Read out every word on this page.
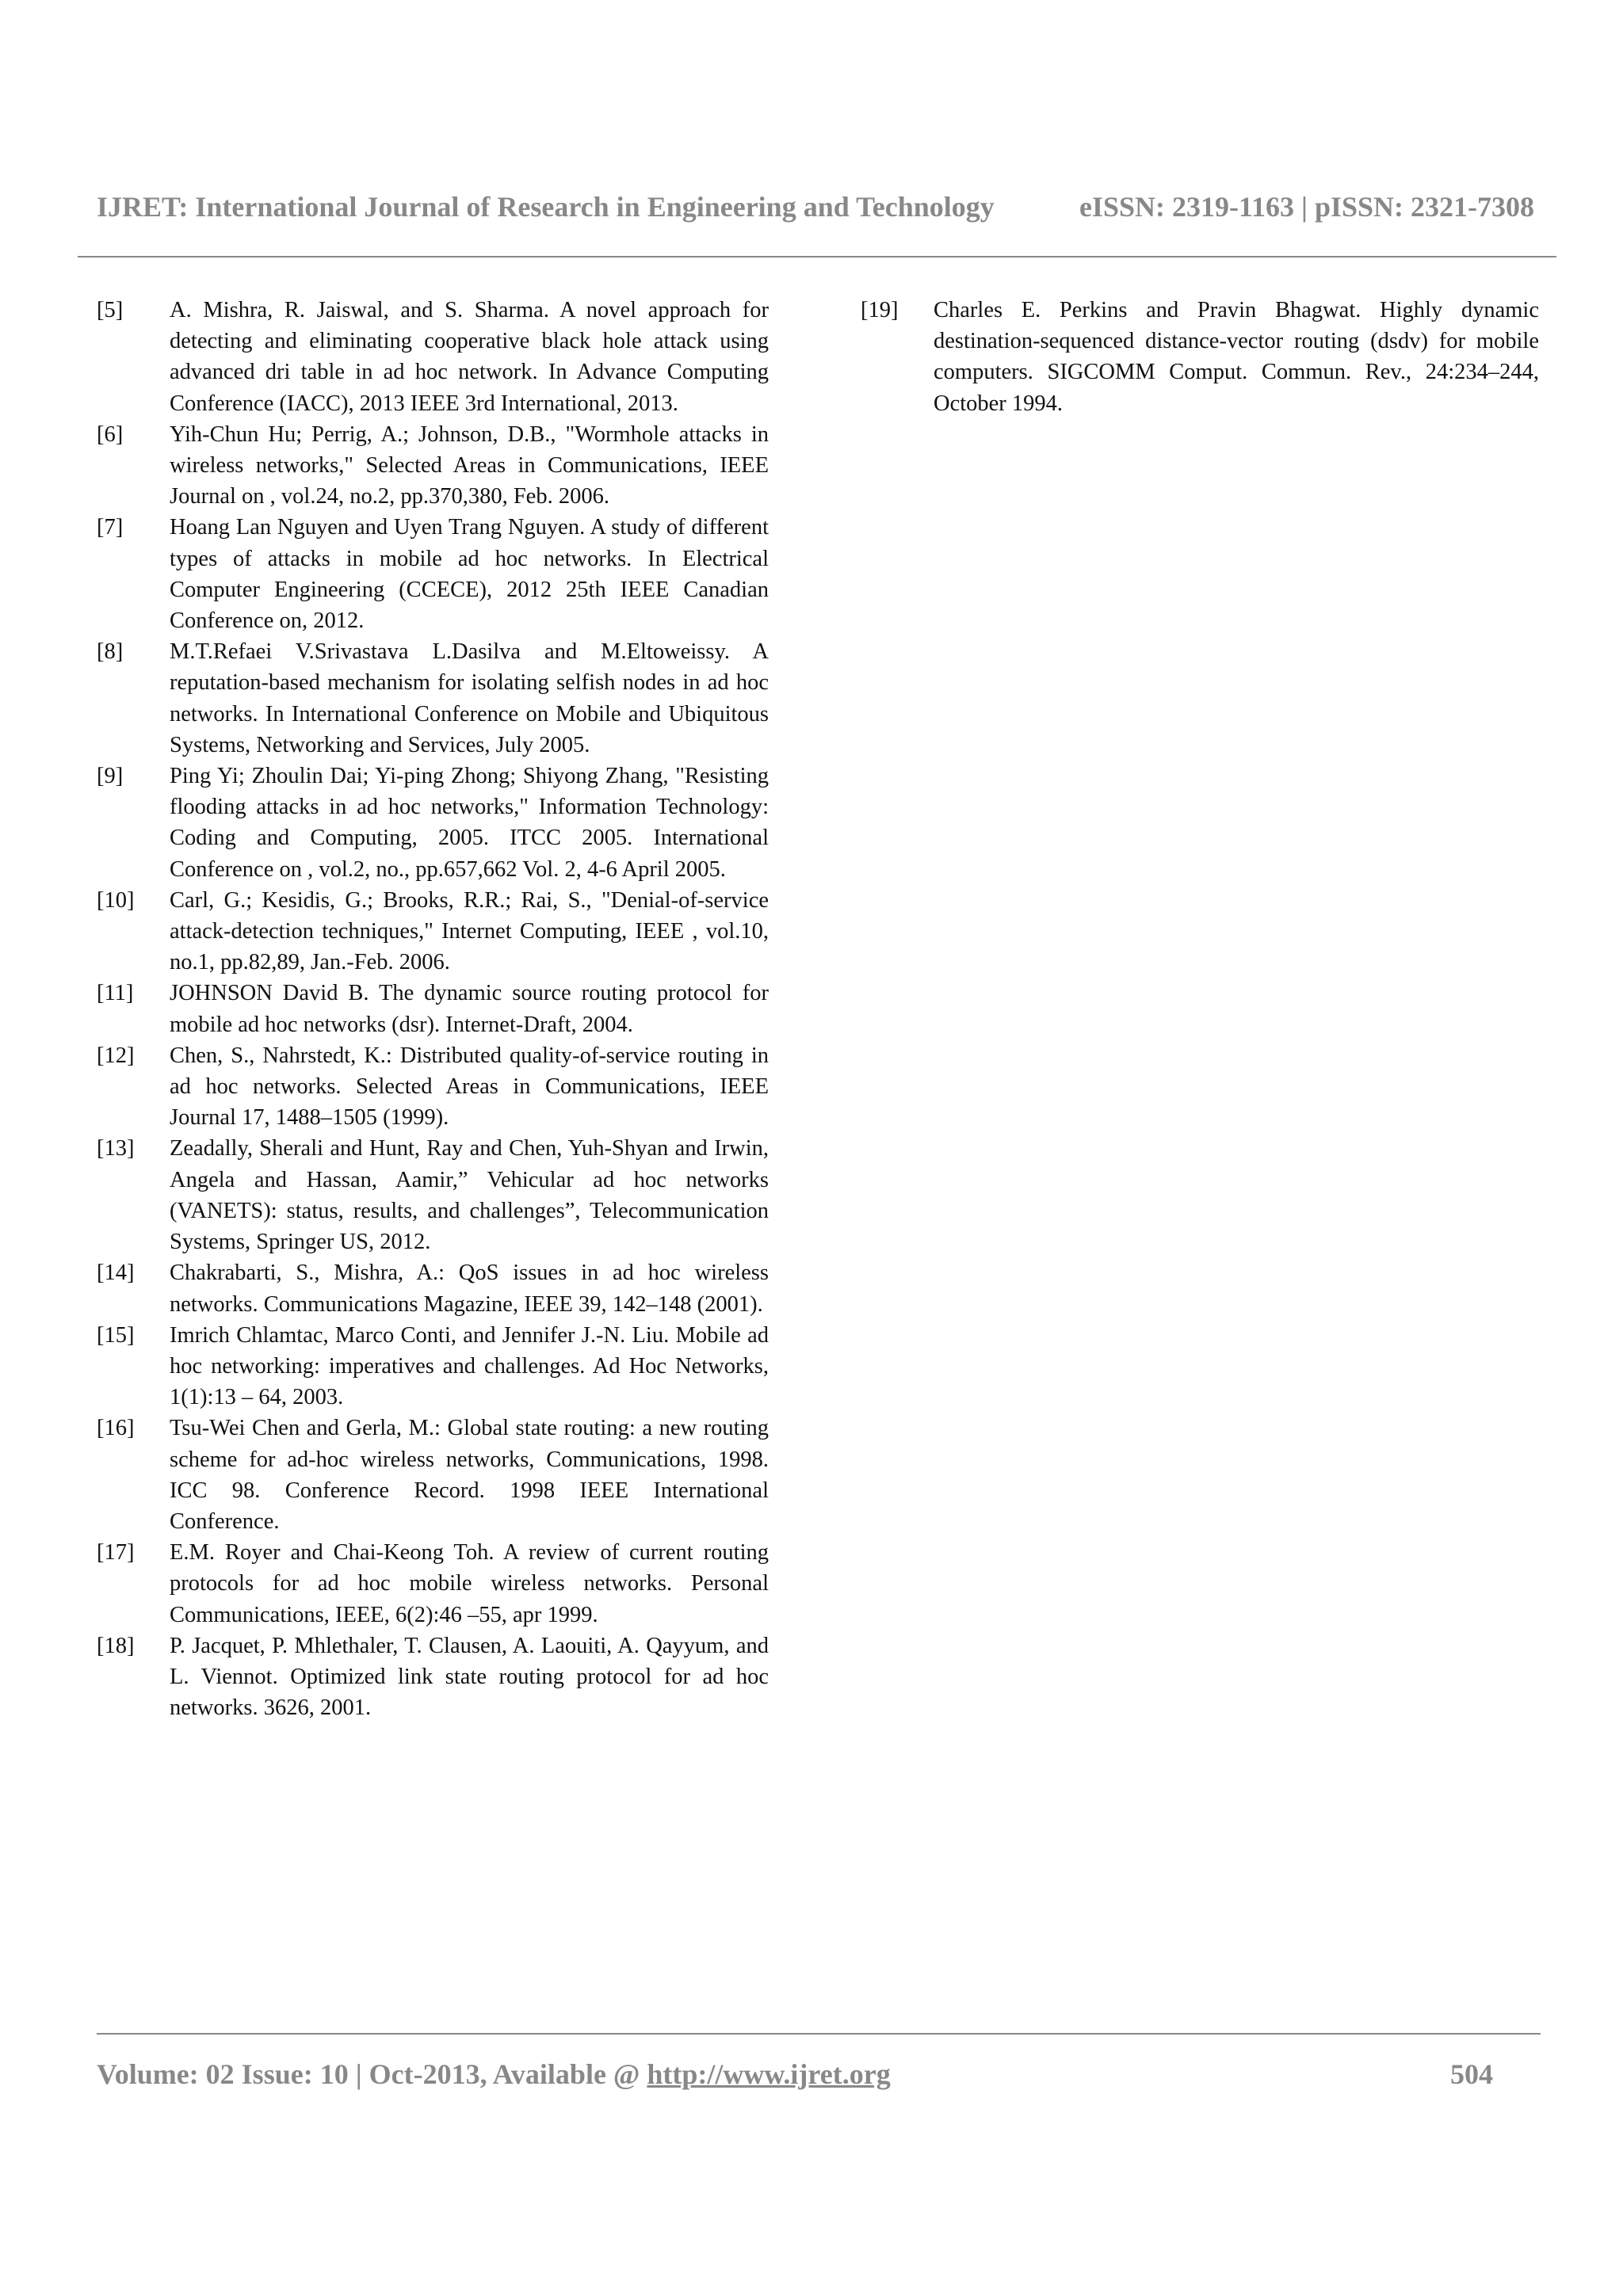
IJRET: International Journal of Research in Engineering and Technology	eISSN: 2319-1163 | pISSN: 2321-7308

[5]	A. Mishra, R. Jaiswal, and S. Sharma. A novel approach for detecting and eliminating cooperative black hole attack using advanced dri table in ad hoc network. In Advance Computing Conference (IACC), 2013 IEEE 3rd International, 2013.

[6]	Yih-Chun Hu; Perrig, A.; Johnson, D.B., "Wormhole attacks in wireless networks," Selected Areas in Communications, IEEE Journal on , vol.24, no.2, pp.370,380, Feb. 2006.

[7]	Hoang Lan Nguyen and Uyen Trang Nguyen. A study of different types of attacks in mobile ad hoc networks. In Electrical Computer Engineering (CCECE), 2012 25th IEEE Canadian Conference on, 2012.

[8]	M.T.Refaei V.Srivastava L.Dasilva and M.Eltoweissy. A reputation-based mechanism for isolating selfish nodes in ad hoc networks. In International Conference on Mobile and Ubiquitous Systems, Networking and Services, July 2005.

[9]	Ping Yi; Zhoulin Dai; Yi-ping Zhong; Shiyong Zhang, "Resisting flooding attacks in ad hoc networks," Information Technology: Coding and Computing, 2005. ITCC 2005. International Conference on , vol.2, no., pp.657,662 Vol. 2, 4-6 April 2005.

[10]	Carl, G.; Kesidis, G.; Brooks, R.R.; Rai, S., "Denial-of-service attack-detection techniques," Internet Computing, IEEE , vol.10, no.1, pp.82,89, Jan.-Feb. 2006.

[11]	JOHNSON David B. The dynamic source routing protocol for mobile ad hoc networks (dsr). Internet-Draft, 2004.

[12]	Chen, S., Nahrstedt, K.: Distributed quality-of-service routing in ad hoc networks. Selected Areas in Communications, IEEE Journal 17, 1488–1505 (1999).

[13]	Zeadally, Sherali and Hunt, Ray and Chen, Yuh-Shyan and Irwin, Angela and Hassan, Aamir,” Vehicular ad hoc networks (VANETS): status, results, and challenges”, Telecommunication Systems, Springer US, 2012.

[14]	Chakrabarti, S., Mishra, A.: QoS issues in ad hoc wireless networks. Communications Magazine, IEEE 39, 142–148 (2001).

[15]	Imrich Chlamtac, Marco Conti, and Jennifer J.-N. Liu. Mobile ad hoc networking: imperatives and challenges. Ad Hoc Networks, 1(1):13 – 64, 2003.

[16]	Tsu-Wei Chen and Gerla, M.: Global state routing: a new routing scheme for ad-hoc wireless networks, Communications, 1998. ICC 98. Conference Record. 1998 IEEE International Conference.

[17]	E.M. Royer and Chai-Keong Toh. A review of current routing protocols for ad hoc mobile wireless networks. Personal Communications, IEEE, 6(2):46 –55, apr 1999.

[18]	P. Jacquet, P. Mhlethaler, T. Clausen, A. Laouiti, A. Qayyum, and L. Viennot. Optimized link state routing protocol for ad hoc networks. 3626, 2001.

[19]	Charles E. Perkins and Pravin Bhagwat. Highly dynamic destination-sequenced distance-vector routing (dsdv) for mobile computers. SIGCOMM Comput. Commun. Rev., 24:234–244, October 1994.

Volume: 02 Issue: 10 | Oct-2013, Available @ http://www.ijret.org	504
